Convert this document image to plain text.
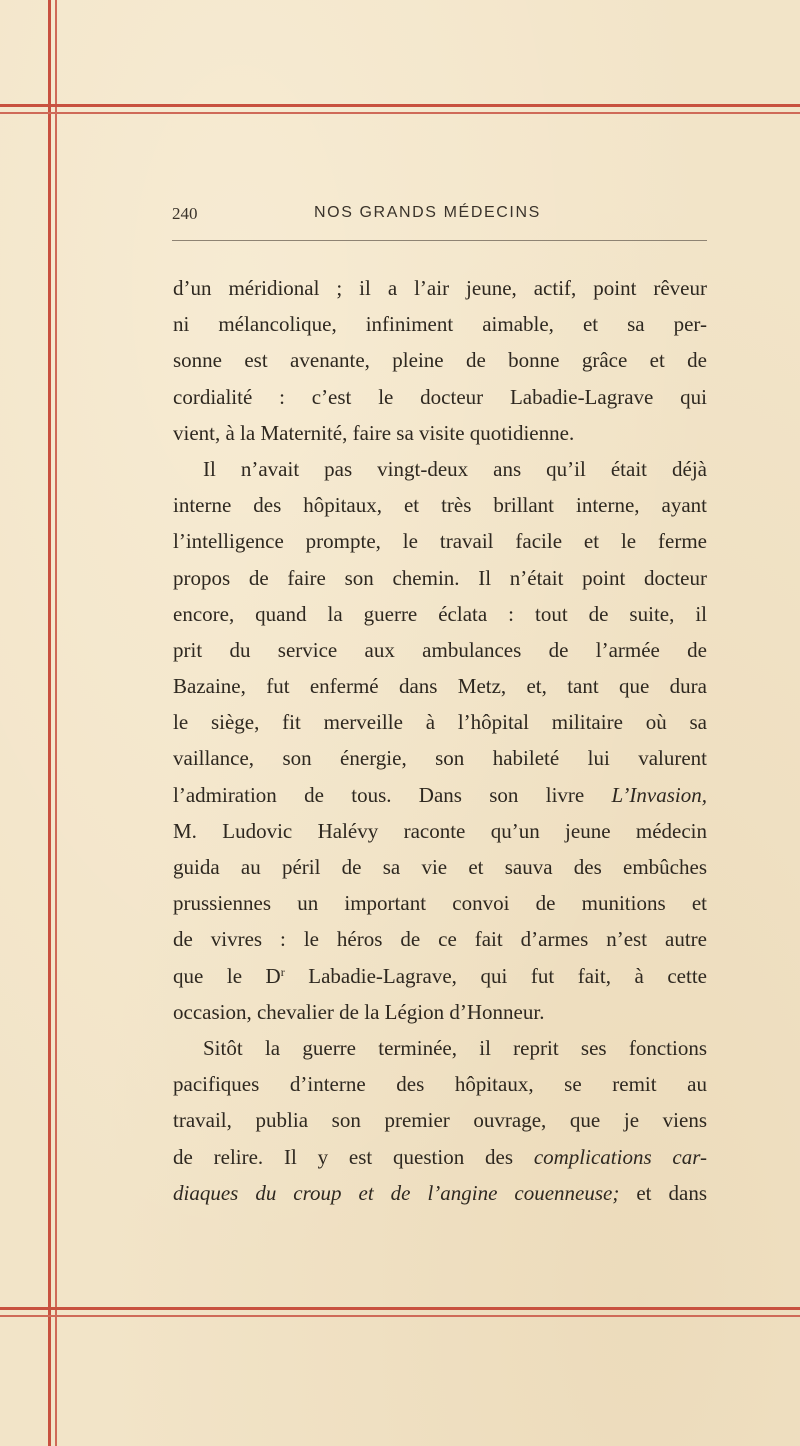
240	NOS GRANDS MÉDECINS
d’un méridional ; il a l’air jeune, actif, point rêveur
ni mélancolique, infiniment aimable, et sa per-
sonne est avenante, pleine de bonne grâce et de
cordialité : c’est le docteur Labadie-Lagrave qui
vient, à la Maternité, faire sa visite quotidienne.
Il n’avait pas vingt-deux ans qu’il était déjà
interne des hôpitaux, et très brillant interne, ayant
l’intelligence prompte, le travail facile et le ferme
propos de faire son chemin. Il n’était point docteur
encore, quand la guerre éclata : tout de suite, il
prit du service aux ambulances de l’armée de
Bazaine, fut enfermé dans Metz, et, tant que dura
le siège, fit merveille à l’hôpital militaire où sa
vaillance, son énergie, son habileté lui valurent
l’admiration de tous. Dans son livre L’Invasion,
M. Ludovic Halévy raconte qu’un jeune médecin
guida au péril de sa vie et sauva des embûches
prussiennes un important convoi de munitions et
de vivres : le héros de ce fait d’armes n’est autre
que le $D^r$ Labadie-Lagrave, qui fut fait, à cette
occasion, chevalier de la Légion d’Honneur.
Sitôt la guerre terminée, il reprit ses fonctions
pacifiques d’interne des hôpitaux, se remit au
travail, publia son premier ouvrage, que je viens
de relire. Il y est question des complications car-
diaques du croup et de l’angine couenneuse; et dans
